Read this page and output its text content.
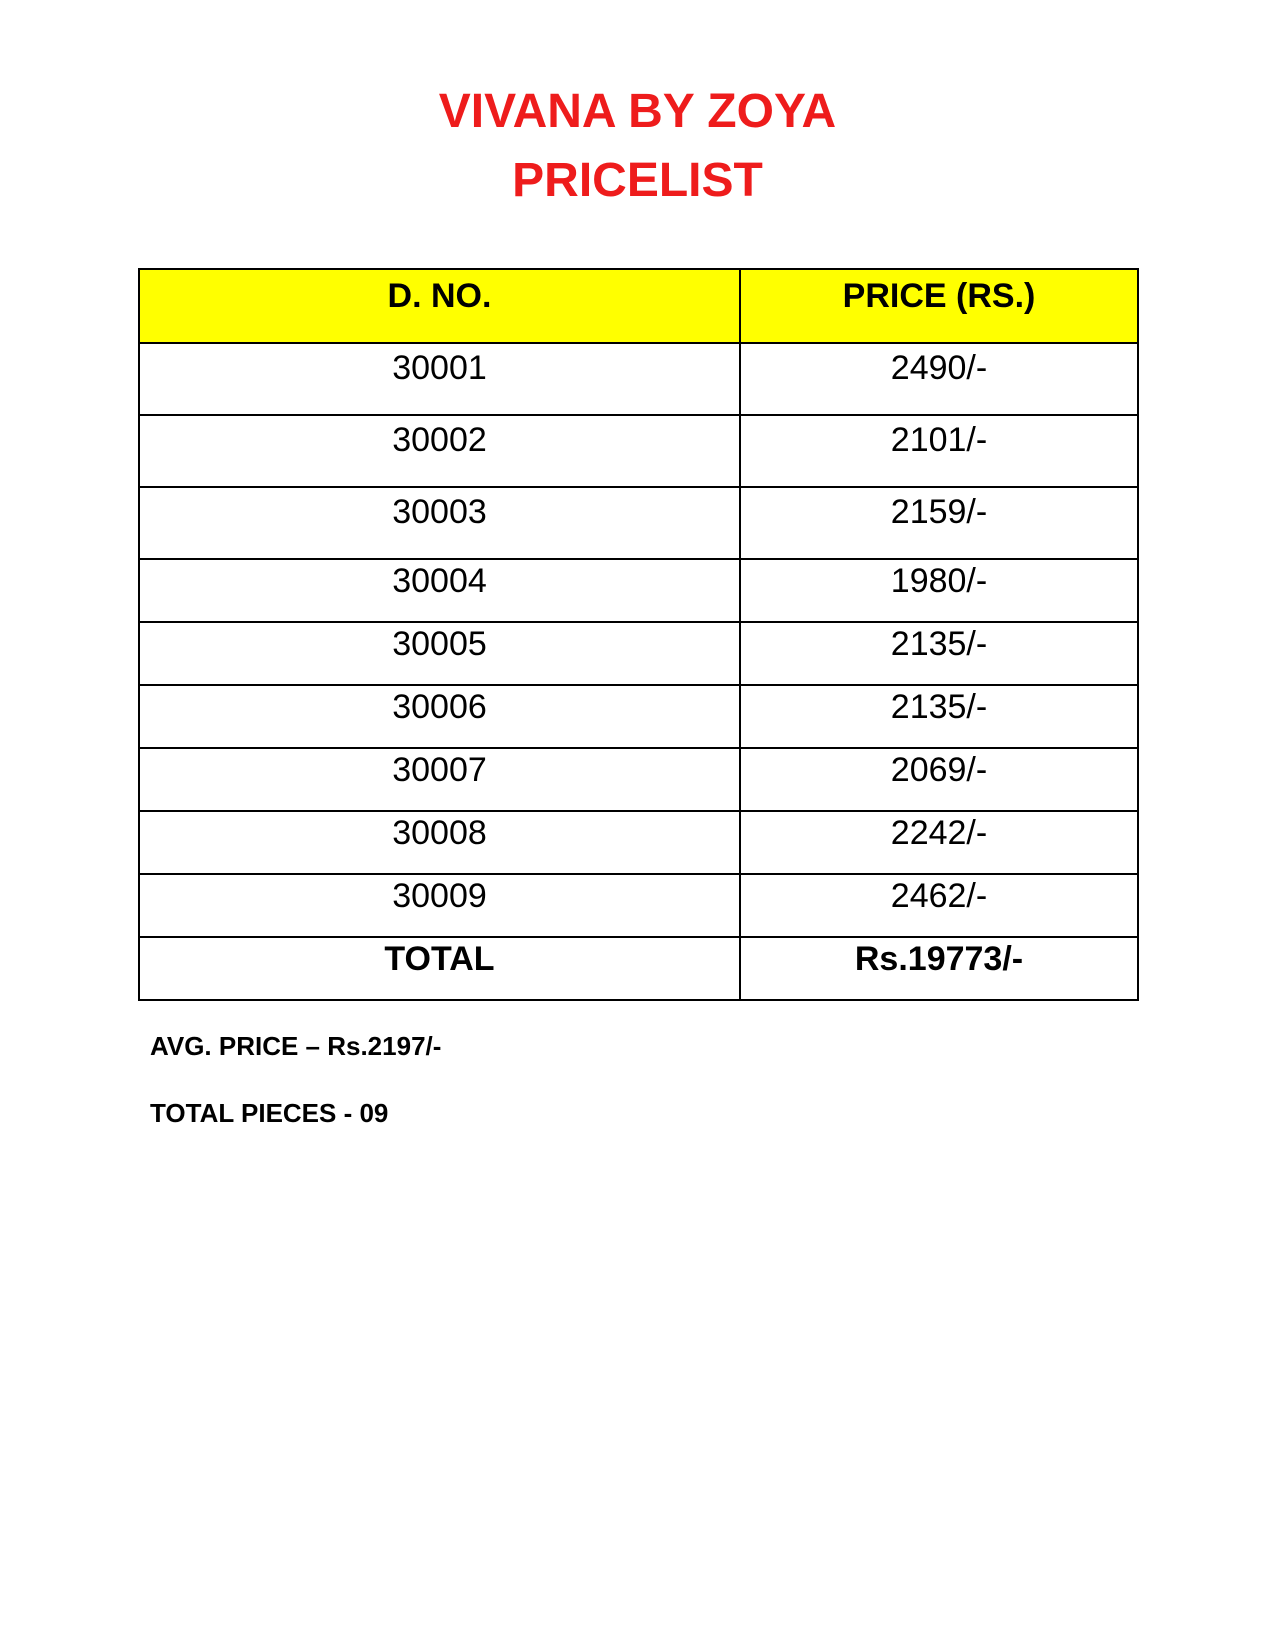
VIVANA BY ZOYA
PRICELIST
D. NO.	PRICE (RS.)
30001	2490/-
30002	2101/-
30003	2159/-
30004	1980/-
30005	2135/-
30006	2135/-
30007	2069/-
30008	2242/-
30009	2462/-
TOTAL	Rs.19773/-
AVG. PRICE – Rs.2197/-
TOTAL PIECES - 09
